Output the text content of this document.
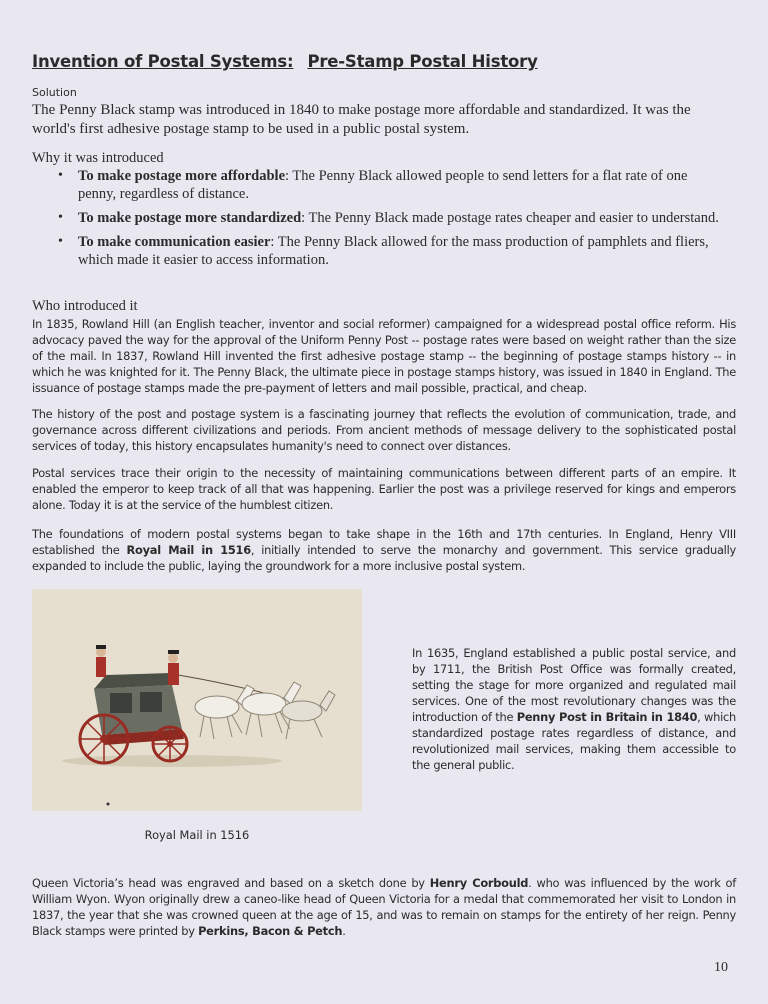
Invention of Postal Systems: Pre-Stamp Postal History
Solution
The Penny Black stamp was introduced in 1840 to make postage more affordable and standardized. It was the world's first adhesive postage stamp to be used in a public postal system.
Why it was introduced
• To make postage more affordable: The Penny Black allowed people to send letters for a flat rate of one penny, regardless of distance.
• To make postage more standardized: The Penny Black made postage rates cheaper and easier to understand.
• To make communication easier: The Penny Black allowed for the mass production of pamphlets and fliers, which made it easier to access information.
Who introduced it
In 1835, Rowland Hill (an English teacher, inventor and social reformer) campaigned for a widespread postal office reform. His advocacy paved the way for the approval of the Uniform Penny Post -- postage rates were based on weight rather than the size of the mail. In 1837, Rowland Hill invented the first adhesive postage stamp -- the beginning of postage stamps history -- in which he was knighted for it. The Penny Black, the ultimate piece in postage stamps history, was issued in 1840 in England. The issuance of postage stamps made the pre-payment of letters and mail possible, practical, and cheap.
The history of the post and postage system is a fascinating journey that reflects the evolution of communication, trade, and governance across different civilizations and periods. From ancient methods of message delivery to the sophisticated postal services of today, this history encapsulates humanity's need to connect over distances.
Postal services trace their origin to the necessity of maintaining communications between different parts of an empire. It enabled the emperor to keep track of all that was happening. Earlier the post was a privilege reserved for kings and emperors alone. Today it is at the service of the humblest citizen.
The foundations of modern postal systems began to take shape in the 16th and 17th centuries. In England, Henry VIII established the Royal Mail in 1516, initially intended to serve the monarchy and government. This service gradually expanded to include the public, laying the groundwork for a more inclusive postal system.
Royal Mail in 1516
In 1635, England established a public postal service, and by 1711, the British Post Office was formally created, setting the stage for more organized and regulated mail services. One of the most revolutionary changes was the introduction of the Penny Post in Britain in 1840, which standardized postage rates regardless of distance, and revolutionized mail services, making them accessible to the general public.
Queen Victoria’s head was engraved and based on a sketch done by Henry Corbould. who was influenced by the work of William Wyon. Wyon originally drew a caneo-like head of Queen Victoria for a medal that commemorated her visit to London in 1837, the year that she was crowned queen at the age of 15, and was to remain on stamps for the entirety of her reign. Penny Black stamps were printed by Perkins, Bacon & Petch.
10
